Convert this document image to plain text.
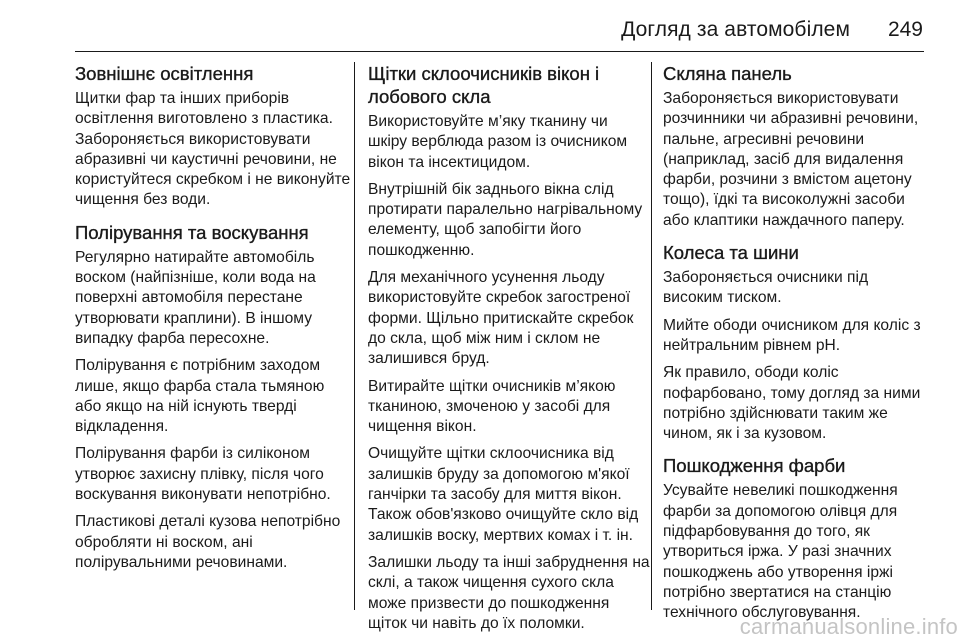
Догляд за автомобілем 249
Зовнішнє освітлення

Щитки фар та інших приборів освітлення виготовлено з пластика. Забороняється використовувати абразивні чи каустичні речовини, не користуйтеся скребком і не виконуйте чищення без води.

Полірування та воскування

Регулярно натирайте автомобіль воском (найпізніше, коли вода на поверхні автомобіля перестане утворювати краплини). В іншому випадку фарба пересохне.

Полірування є потрібним заходом лише, якщо фарба стала тьмяною або якщо на ній існують тверді відкладення.

Полірування фарби із силіконом утворює захисну плівку, після чого воскування виконувати непотрібно.

Пластикові деталі кузова непотрібно обробляти ні воском, ані полірувальними речовинами.

Щітки склоочисників вікон і лобового скла

Використовуйте м’яку тканину чи шкіру верблюда разом із очисником вікон та інсектицидом.

Внутрішній бік заднього вікна слід протирати паралельно нагрівальному елементу, щоб запобігти його пошкодженню.

Для механічного усунення льоду використовуйте скребок загостреної форми. Щільно притискайте скребок до скла, щоб між ним і склом не залишився бруд.

Витирайте щітки очисників м’якою тканиною, змоченою у засобі для чищення вікон.

Очищуйте щітки склоочисника від залишків бруду за допомогою м'якої ганчірки та засобу для миття вікон. Також обов'язково очищуйте скло від залишків воску, мертвих комах і т. ін.

Залишки льоду та інші забруднення на склі, а також чищення сухого скла може призвести до пошкодження щіток чи навіть до їх поломки.

Скляна панель

Забороняється використовувати розчинники чи абразивні речовини, пальне, агресивні речовини (наприклад, засіб для видалення фарби, розчини з вмістом ацетону тощо), їдкі та високолужні засоби або клаптики наждачного паперу.

Колеса та шини

Забороняється очисники під високим тиском.

Мийте ободи очисником для коліс з нейтральним рівнем pH.

Як правило, ободи коліс пофарбовано, тому догляд за ними потрібно здійснювати таким же чином, як і за кузовом.

Пошкодження фарби

Усувайте невеликі пошкодження фарби за допомогою олівця для підфарбовування до того, як утвориться іржа. У разі значних пошкоджень або утворення іржі потрібно звертатися на станцію технічного обслуговування.

carmanualsonline.info
